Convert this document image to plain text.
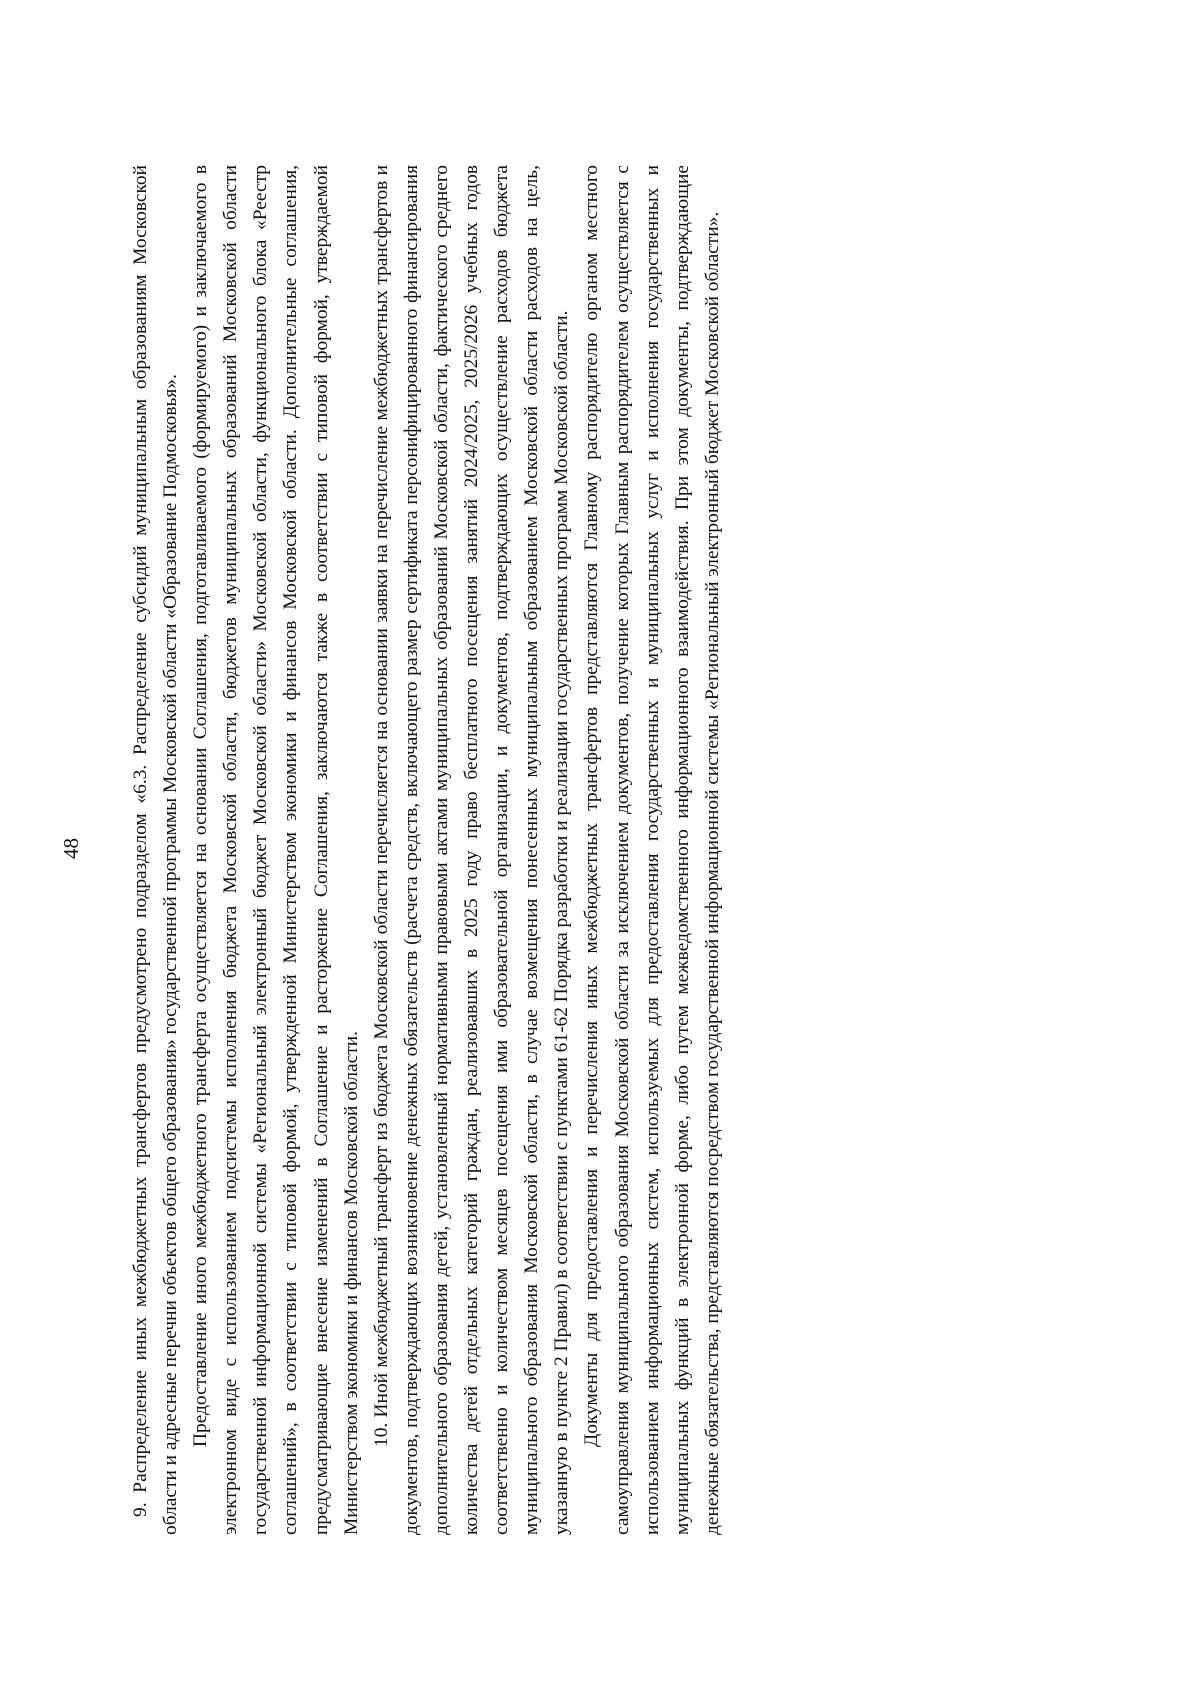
48 9. Распределение иных межбюджетных трансфертов предусмотрено подразделом «6.3. Распределение субсидий муниципальным образованиям Московской области и адресные перечни объектов общего образования» государственной программы Московской области «Образование Подмосковья». Предоставление иного межбюджетного трансферта осуществляется на основании Соглашения, подготавливаемого (формируемого) и заключаемого в электронном виде с использованием подсистемы исполнения бюджета Московской области, бюджетов муниципальных образований Московской области государственной информационной системы «Региональный электронный бюджет Московской области» Московской области, функционального блока «Реестр соглашений», в соответствии с типовой формой, утвержденной Министерством экономики и финансов Московской области. Дополнительные соглашения, предусматривающие внесение изменений в Соглашение и расторжение Соглашения, заключаются также в соответствии с типовой формой, утверждаемой Министерством экономики и финансов Московской области. 10. Иной межбюджетный трансферт из бюджета Московской области перечисляется на основании заявки на перечисление межбюджетных трансфертов и документов, подтверждающих возникновение денежных обязательств (расчета средств, включающего размер сертификата персонифицированного финансирования дополнительного образования детей, установленный нормативными правовыми актами муниципальных образований Московской области, фактического среднего количества детей отдельных категорий граждан, реализовавших в 2025 году право бесплатного посещения занятий 2024/2025, 2025/2026 учебных годов соответственно и количеством месяцев посещения ими образовательной организации, и документов, подтверждающих осуществление расходов бюджета муниципального образования Московской области, в случае возмещения понесенных муниципальным образованием Московской области расходов на цель, указанную в пункте 2 Правил) в соответствии с пунктами 61-62 Порядка разработки и реализации государственных программ Московской области. Документы для предоставления и перечисления иных межбюджетных трансфертов представляются Главному распорядителю органом местного самоуправления муниципального образования Московской области за исключением документов, получение которых Главным распорядителем осуществляется с использованием информационных систем, используемых для предоставления государственных и муниципальных услуг и исполнения государственных и муниципальных функций в электронной форме, либо путем межведомственного информационного взаимодействия. При этом документы, подтверждающие денежные обязательства, представляются посредством государственной информационной системы «Региональный электронный бюджет Московской области».
